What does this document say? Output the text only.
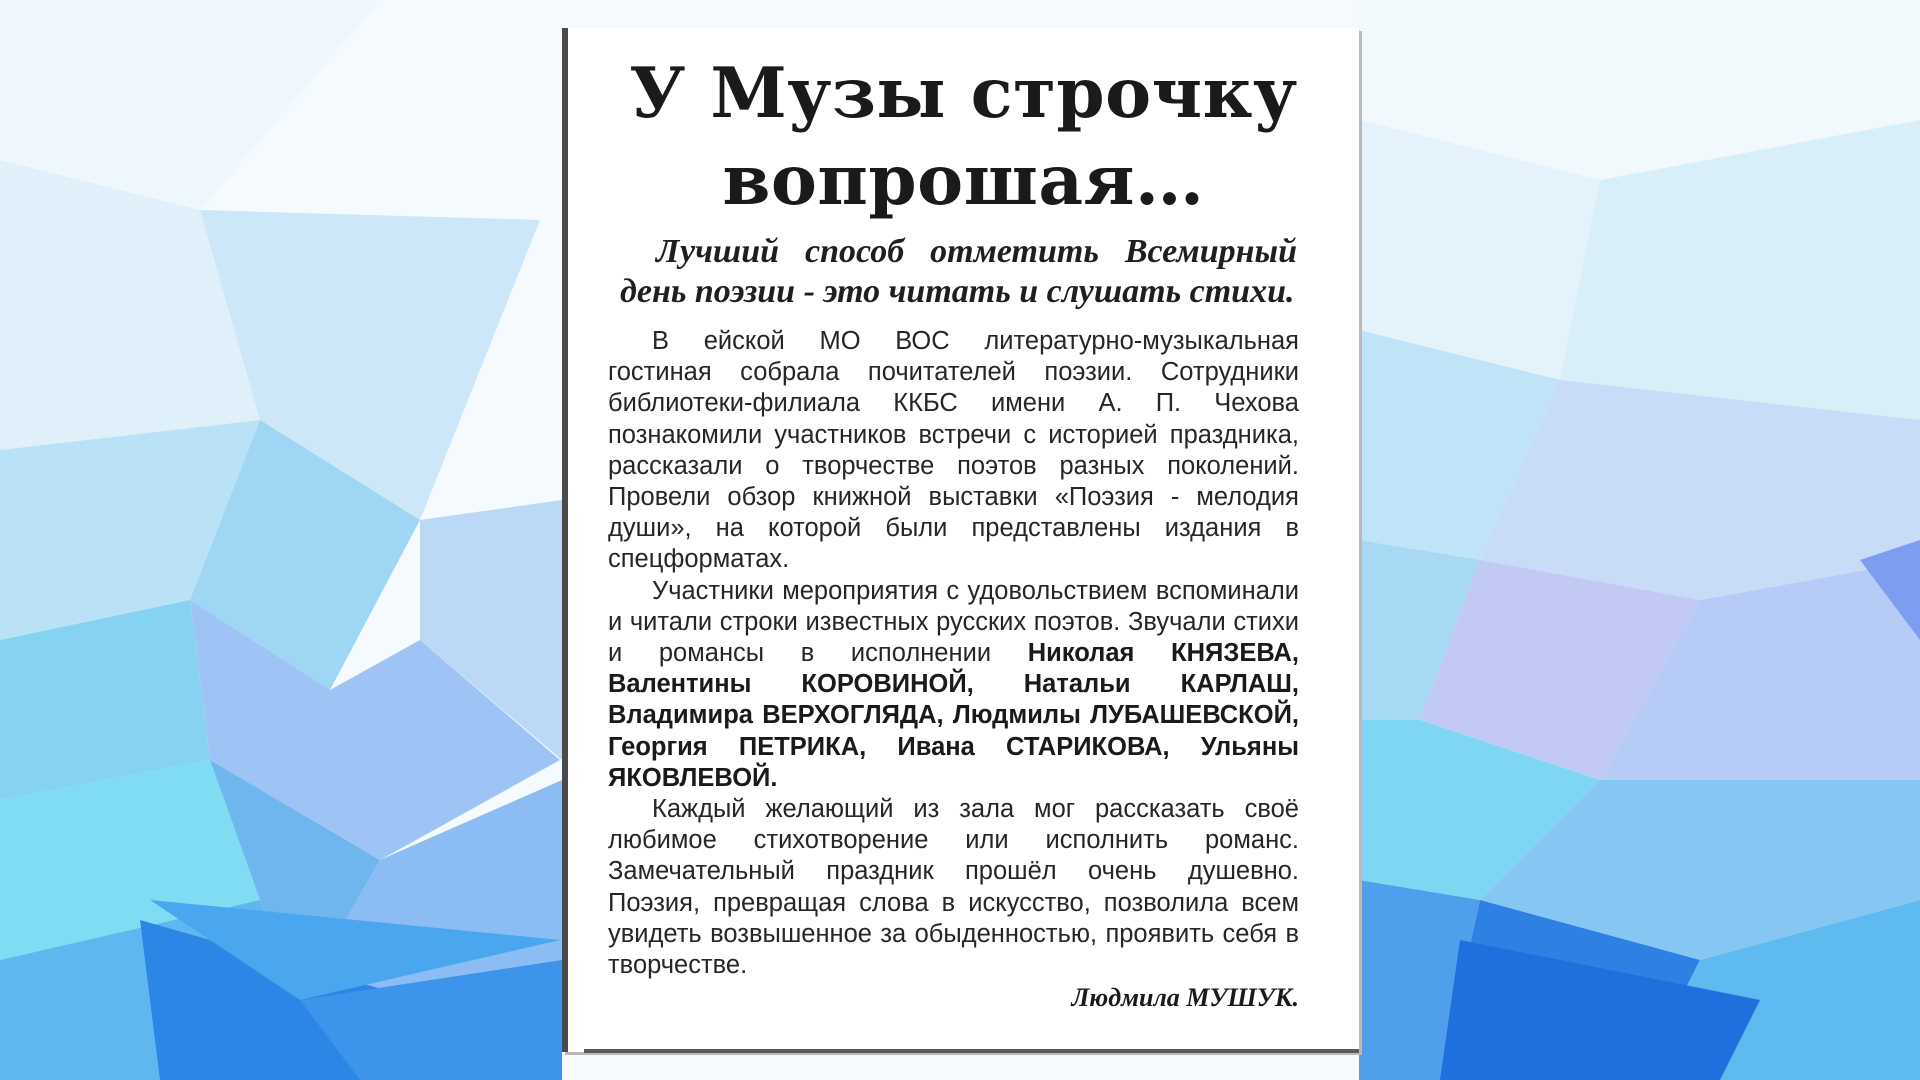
У Музы строчку вопрошая…
Лучший способ отметить Всемирный день поэзии - это читать и слушать стихи.

В ейской МО ВОС литературно-музыкальная гостиная собрала почитателей поэзии. Сотрудники библиотеки-филиала ККБС имени А. П. Чехова познакомили участников встречи с историей праздника, рассказали о творчестве поэтов разных поколений. Провели обзор книжной выставки «Поэзия - мелодия души», на которой были представлены издания в спецформатах.

Участники мероприятия с удовольствием вспоминали и читали строки известных русских поэтов. Звучали стихи и романсы в исполнении Николая КНЯЗЕВА, Валентины КОРОВИНОЙ, Натальи КАРЛАШ, Владимира ВЕРХОГЛЯДА, Людмилы ЛУБАШЕВСКОЙ, Георгия ПЕТРИКА, Ивана СТАРИКОВА, Ульяны ЯКОВЛЕВОЙ.

Каждый желающий из зала мог рассказать своё любимое стихотворение или исполнить романс. Замечательный праздник прошёл очень душевно. Поэзия, превращая слова в искусство, позволила всем увидеть возвышенное за обыденностью, проявить себя в творчестве.

Людмила МУШУК.
